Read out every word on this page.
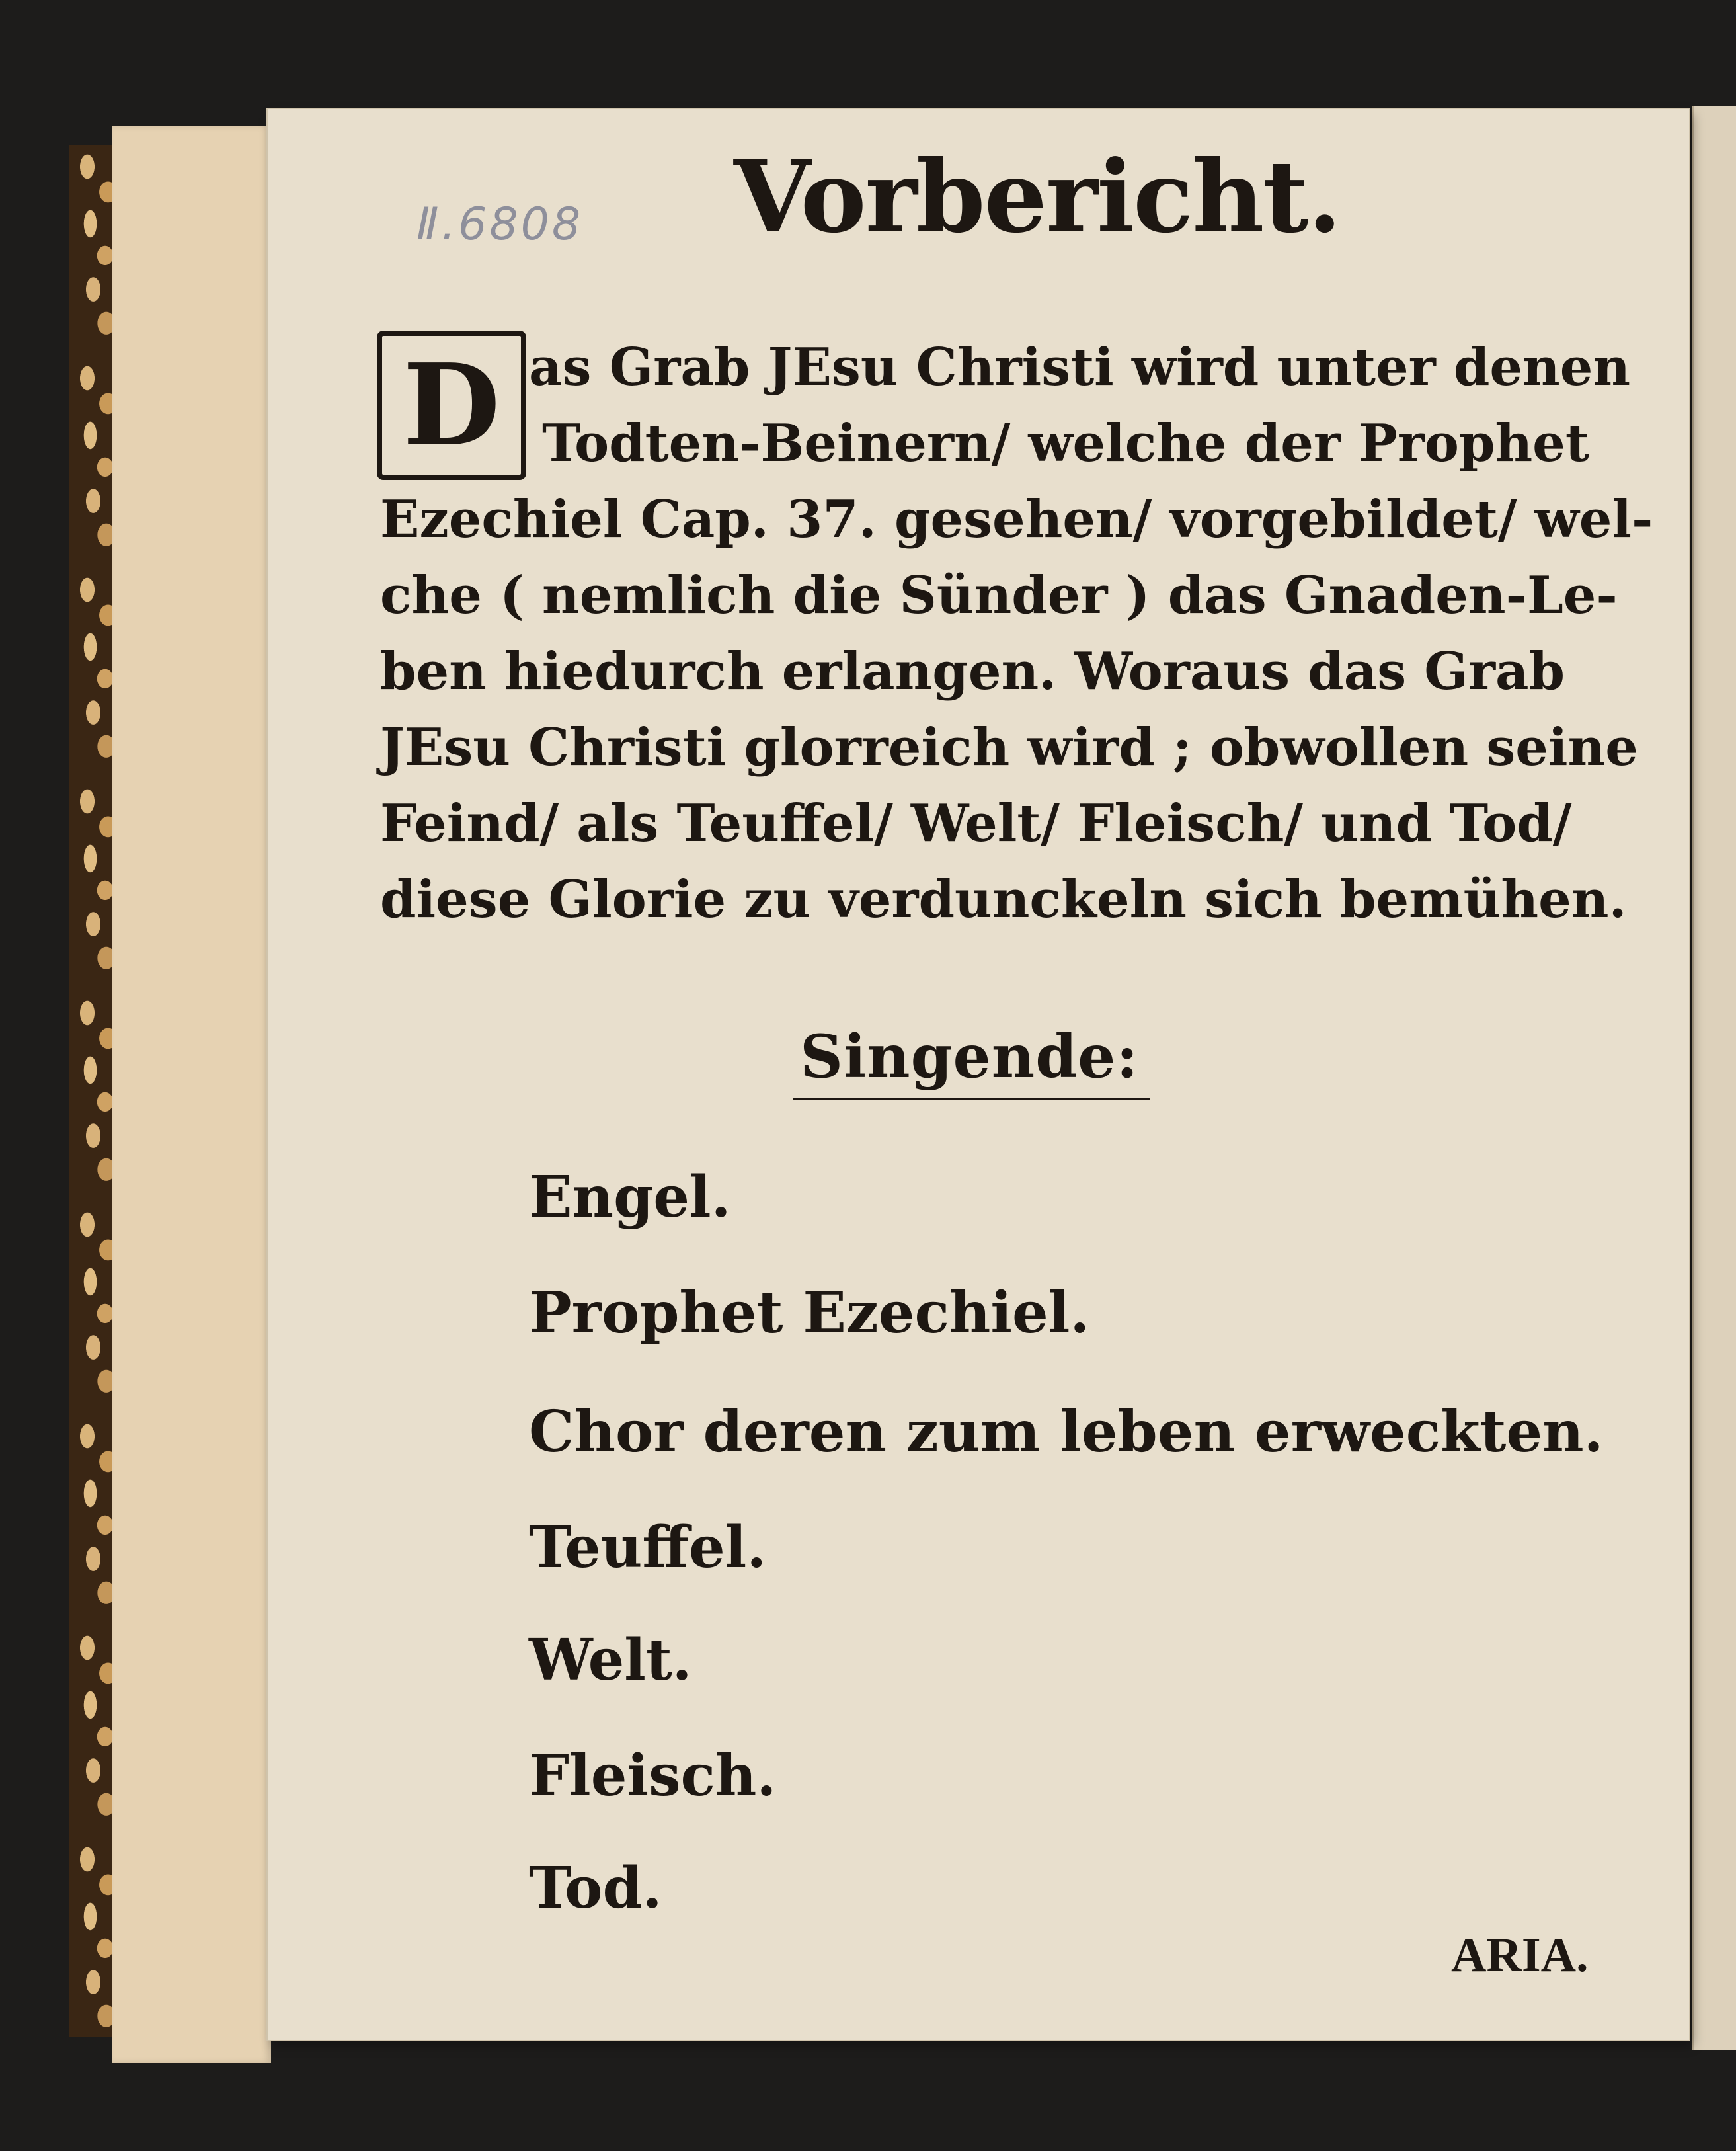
Ⅱ.6808 Vorbericht.
D as Grab JEsu Christi wird unter denen
Todten-Beinern/ welche der Prophet
Ezechiel Cap. 37. gesehen/ vorgebildet/ wel-
che ( nemlich die Sünder ) das Gnaden-Le-
ben hiedurch erlangen. Woraus das Grab
JEsu Christi glorreich wird ; obwollen seine
Feind/ als Teuffel/ Welt/ Fleisch/ und Tod/
diese Glorie zu verdunckeln sich bemühen.
Singende:
Engel.
Prophet Ezechiel.
Chor deren zum leben erweckten.
Teuffel.
Welt.
Fleisch.
Tod.
ARIA.
